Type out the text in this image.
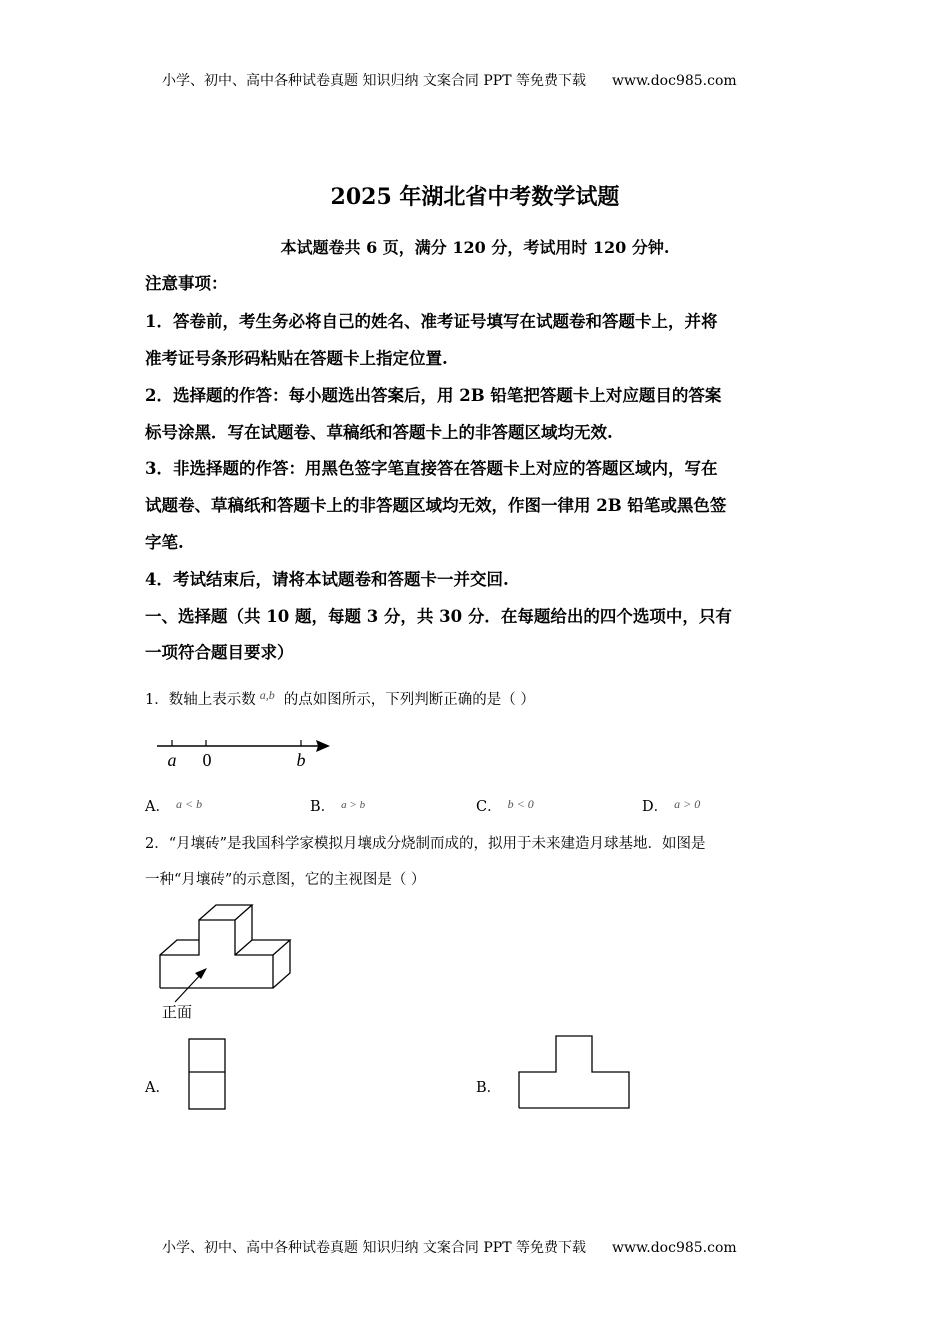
小学、初中、高中各种试卷真题 知识归纳 文案合同 PPT 等免费下载 www.doc985.com
2025 年湖北省中考数学试题
本试题卷共 6 页，满分 120 分，考试用时 120 分钟.
注意事项：
1．答卷前，考生务必将自己的姓名、准考证号填写在试题卷和答题卡上，并将
准考证号条形码粘贴在答题卡上指定位置.
2．选择题的作答：每小题选出答案后，用 2B 铅笔把答题卡上对应题目的答案
标号涂黑．写在试题卷、草稿纸和答题卡上的非答题区域均无效.
3．非选择题的作答：用黑色签字笔直接答在答题卡上对应的答题区域内，写在
试题卷、草稿纸和答题卡上的非答题区域均无效，作图一律用 2B 铅笔或黑色签
字笔.
4．考试结束后，请将本试题卷和答题卡一并交回.
一、选择题（共 10 题，每题 3 分，共 30 分．在每题给出的四个选项中，只有
一项符合题目要求）
1．数轴上表示数 a,b 的点如图所示，下列判断正确的是（ ）
a 0	b
A． $^{a < b}$	B． $^{a > b}$	C． $^{b < 0}$	D． $^{a > 0}$
2．“月壤砖”是我国科学家模拟月壤成分烧制而成的，拟用于未来建造月球基地．如图是
一种“月壤砖”的示意图，它的主视图是（ ）
正面
A．	B．
小学、初中、高中各种试卷真题 知识归纳 文案合同 PPT 等免费下载 www.doc985.com
